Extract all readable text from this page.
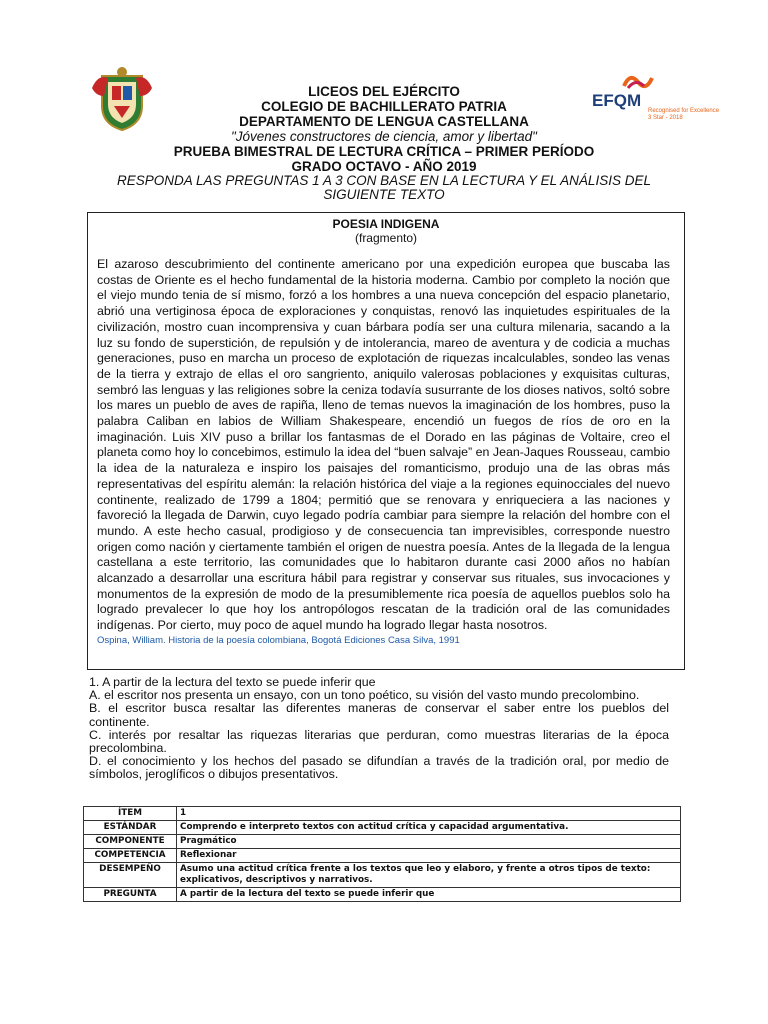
EFQM
Recognised for Excellence
3 Star - 2018
LICEOS DEL EJÉRCITO
COLEGIO DE BACHILLERATO PATRIA
DEPARTAMENTO DE LENGUA CASTELLANA
"Jóvenes constructores de ciencia, amor y libertad"
PRUEBA BIMESTRAL DE LECTURA CRÍTICA – PRIMER PERÍODO
GRADO OCTAVO - AÑO 2019
RESPONDA LAS PREGUNTAS 1 A 3 CON BASE EN LA LECTURA Y EL ANÁLISIS DEL SIGUIENTE TEXTO
POESIA INDIGENA
(fragmento)
El azaroso descubrimiento del continente americano por una expedición europea que buscaba las costas de Oriente es el hecho fundamental de la historia moderna. Cambio por completo la noción que el viejo mundo tenia de sí mismo, forzó a los hombres a una nueva concepción del espacio planetario, abrió una vertiginosa época de exploraciones y conquistas, renovó las inquietudes espirituales de la civilización, mostro cuan incomprensiva y cuan bárbara podía ser una cultura milenaria, sacando a la luz su fondo de superstición, de repulsión y de intolerancia, mareo de aventura y de codicia a muchas generaciones, puso en marcha un proceso de explotación de riquezas incalculables, sondeo las venas de la tierra y extrajo de ellas el oro sangriento, aniquilo valerosas poblaciones y exquisitas culturas, sembró las lenguas y las religiones sobre la ceniza todavía susurrante de los dioses nativos, soltó sobre los mares un pueblo de aves de rapiña, lleno de temas nuevos la imaginación de los hombres, puso la palabra Caliban en labios de William Shakespeare, encendió un fuegos de ríos de oro en la imaginación. Luis XIV puso a brillar los fantasmas de el Dorado en las páginas de Voltaire, creo el planeta como hoy lo concebimos, estimulo la idea del “buen salvaje” en Jean-Jaques Rousseau, cambio la idea de la naturaleza e inspiro los paisajes del romanticismo, produjo una de las obras más representativas del espíritu alemán: la relación histórica del viaje a la regiones equinocciales del nuevo continente, realizado de 1799 a 1804; permitió que se renovara y enriqueciera a las naciones y favoreció la llegada de Darwin, cuyo legado podría cambiar para siempre la relación del hombre con el mundo. A este hecho casual, prodigioso y de consecuencia tan imprevisibles, corresponde nuestro origen como nación y ciertamente también el origen de nuestra poesía. Antes de la llegada de la lengua castellana a este territorio, las comunidades que lo habitaron durante casi 2000 años no habían alcanzado a desarrollar una escritura hábil para registrar y conservar sus rituales, sus invocaciones y monumentos de la expresión de modo de la presumiblemente rica poesía de aquellos pueblos solo ha logrado prevalecer lo que hoy los antropólogos rescatan de la tradición oral de las comunidades indígenas. Por cierto, muy poco de aquel mundo ha logrado llegar hasta nosotros.
Ospina, William. Historia de la poesía colombiana, Bogotá Ediciones Casa Silva, 1991

1. A partir de la lectura del texto se puede inferir que

A. el escritor nos presenta un ensayo, con un tono poético, su visión del vasto mundo precolombino.

B. el escritor busca resaltar las diferentes maneras de conservar el saber entre los pueblos del continente.

C. interés por resaltar las riquezas literarias que perduran, como muestras literarias de la época precolombina.

D. el conocimiento y los hechos del pasado se difundían a través de la tradición oral, por medio de símbolos, jeroglíficos o dibujos presentativos.

ÍTEM	1
ESTÁNDAR	Comprendo e interpreto textos con actitud crítica y capacidad argumentativa.
COMPONENTE	Pragmático
COMPETENCIA	Reflexionar
DESEMPEÑO	Asumo una actitud crítica frente a los textos que leo y elaboro, y frente a otros tipos de texto: explicativos, descriptivos y narrativos.
PREGUNTA	A partir de la lectura del texto se puede inferir que
